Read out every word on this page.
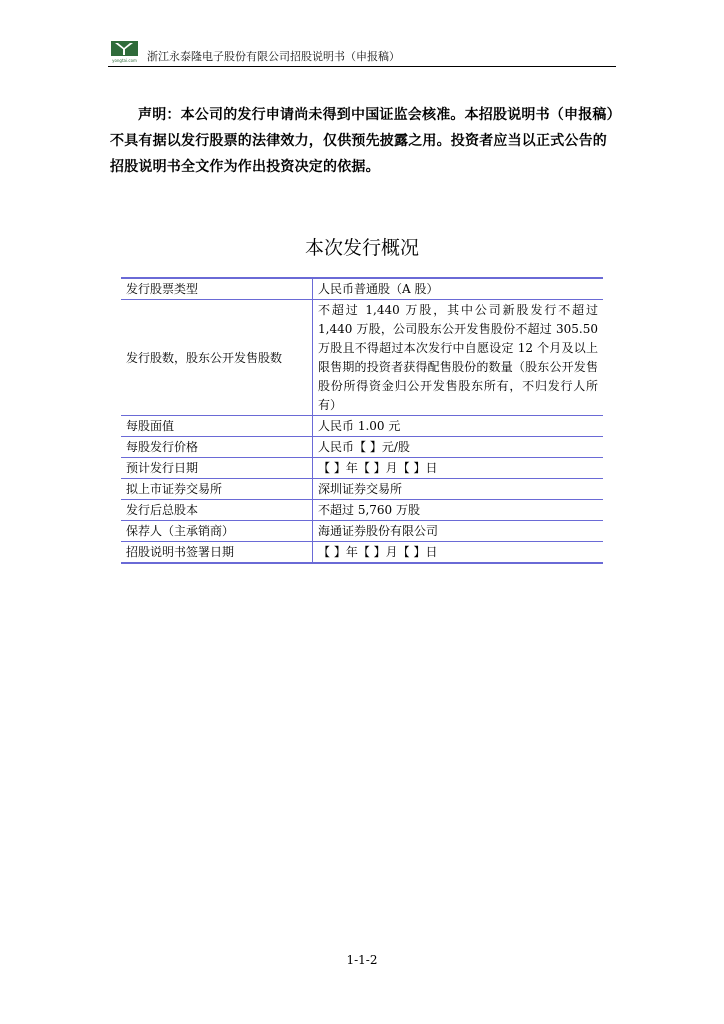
yongtai.com 浙江永泰隆电子股份有限公司招股说明书（申报稿）
声明：本公司的发行申请尚未得到中国证监会核准。本招股说明书（申报稿）不具有据以发行股票的法律效力，仅供预先披露之用。投资者应当以正式公告的招股说明书全文作为作出投资决定的依据。
本次发行概况
发行股票类型	人民币普通股（A 股）
发行股数，股东公开发售股数	不超过 1,440 万股，其中公司新股发行不超过 1,440 万股，公司股东公开发售股份不超过 305.50 万股且不得超过本次发行中自愿设定 12 个月及以上限售期的投资者获得配售股份的数量（股东公开发售股份所得资金归公开发售股东所有，不归发行人所有）
每股面值	人民币 1.00 元
每股发行价格	人民币【 】元/股
预计发行日期	【 】年【 】月【 】日
拟上市证券交易所	深圳证券交易所
发行后总股本	不超过 5,760 万股
保荐人（主承销商）	海通证券股份有限公司
招股说明书签署日期	【 】年【 】月【 】日
1-1-2
